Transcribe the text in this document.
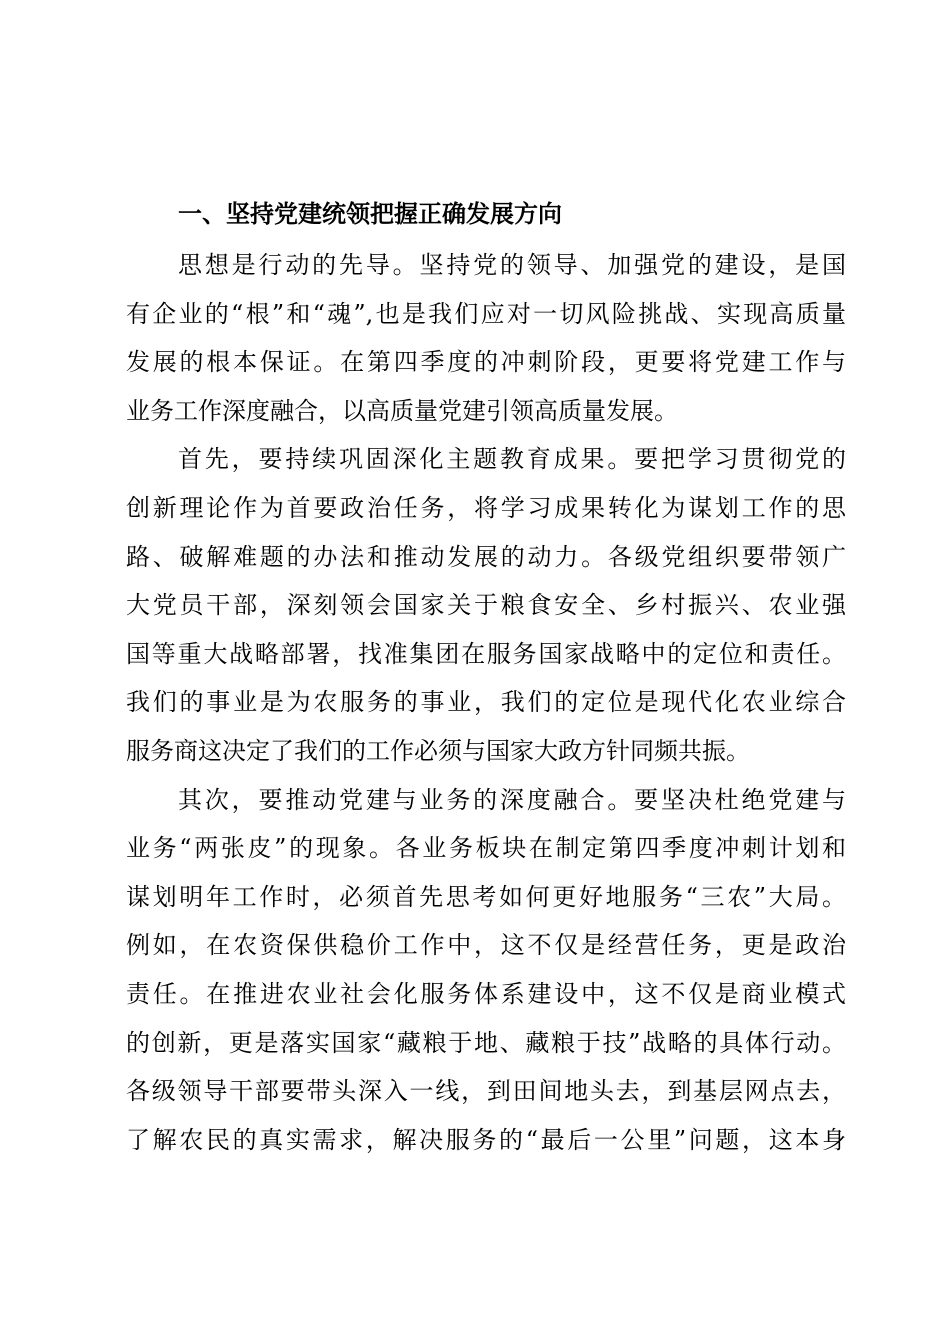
一、坚持党建统领把握正确发展方向
思想是行动的先导。坚持党的领导、加强党的建设，是国
有企业的“根”和“魂”,也是我们应对一切风险挑战、实现高质量
发展的根本保证。在第四季度的冲刺阶段，更要将党建工作与
业务工作深度融合，以高质量党建引领高质量发展。
首先，要持续巩固深化主题教育成果。要把学习贯彻党的
创新理论作为首要政治任务，将学习成果转化为谋划工作的思
路、破解难题的办法和推动发展的动力。各级党组织要带领广
大党员干部，深刻领会国家关于粮食安全、乡村振兴、农业强
国等重大战略部署，找准集团在服务国家战略中的定位和责任。
我们的事业是为农服务的事业，我们的定位是现代化农业综合
服务商这决定了我们的工作必须与国家大政方针同频共振。
其次，要推动党建与业务的深度融合。要坚决杜绝党建与
业务“两张皮”的现象。各业务板块在制定第四季度冲刺计划和
谋划明年工作时，必须首先思考如何更好地服务“三农”大局。
例如，在农资保供稳价工作中，这不仅是经营任务，更是政治
责任。在推进农业社会化服务体系建设中，这不仅是商业模式
的创新，更是落实国家“藏粮于地、藏粮于技”战略的具体行动。
各级领导干部要带头深入一线，到田间地头去，到基层网点去，
了解农民的真实需求，解决服务的“最后一公里”问题，这本身
